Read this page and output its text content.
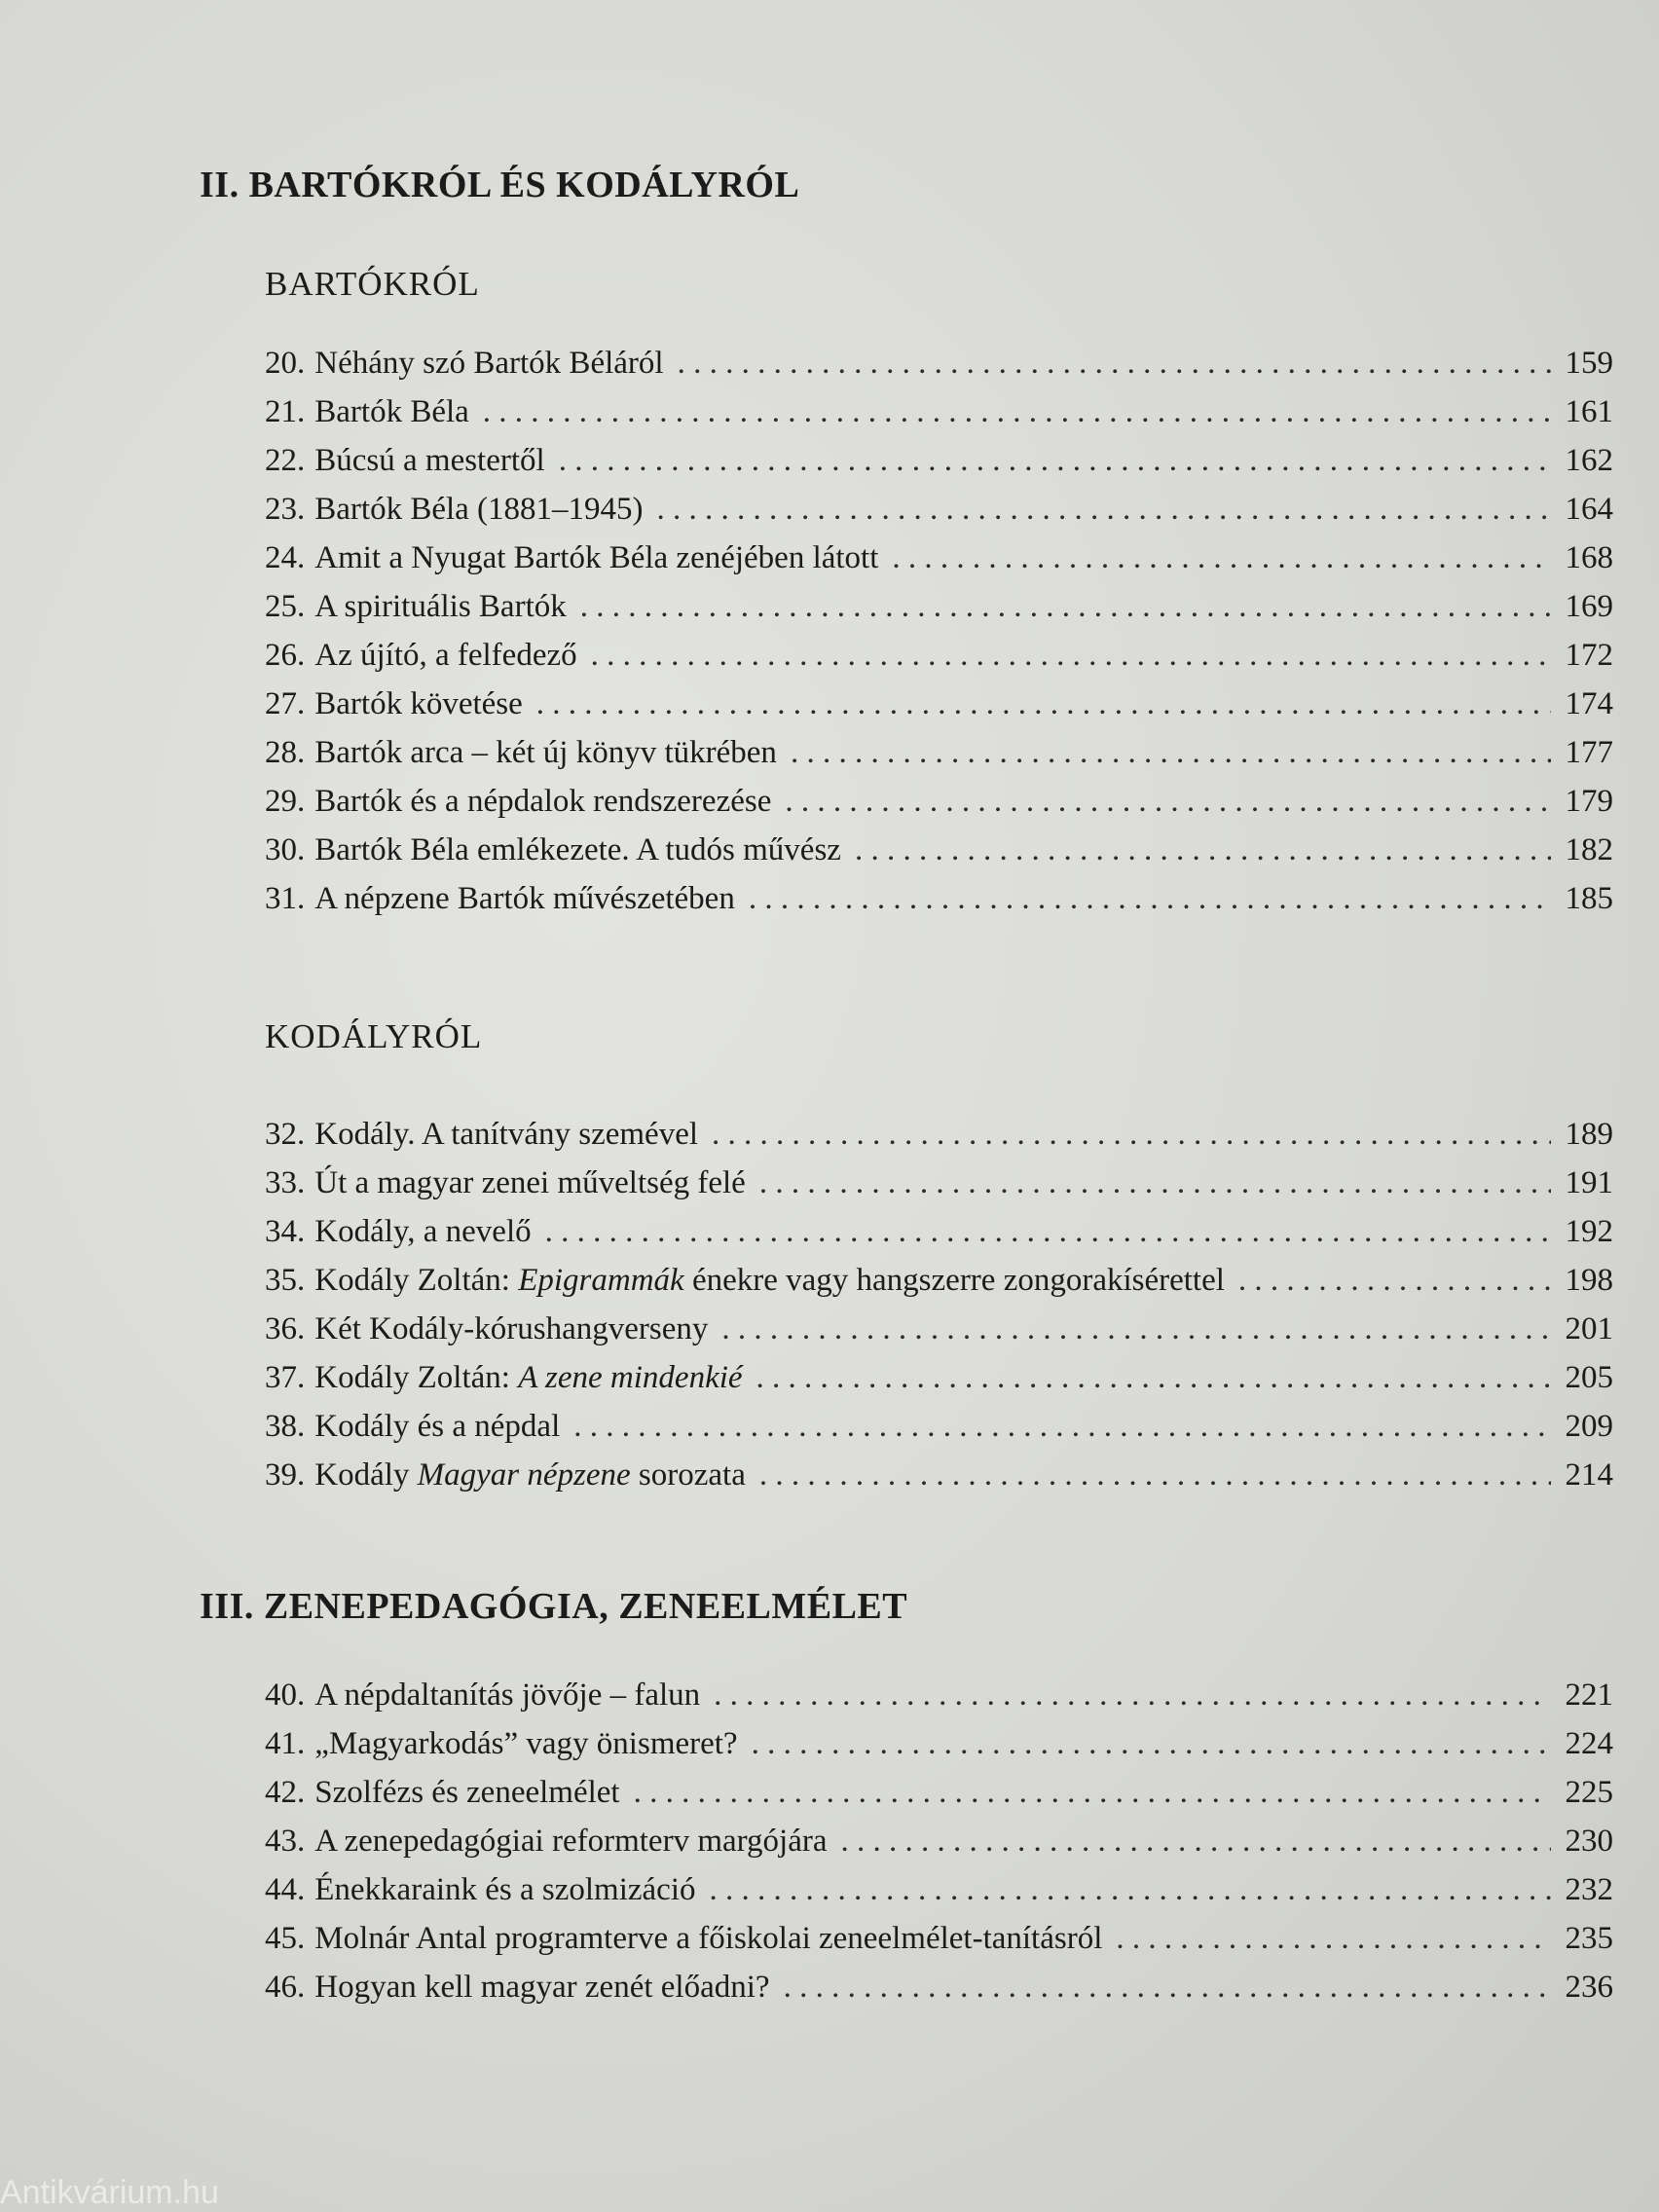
II. BARTÓKRÓL ÉS KODÁLYRÓL
BARTÓKRÓL
20. Néhány szó Bartók Béláról . . .	159
21. Bartók Béla . . .	161
22. Búcsú a mestertől . . .	162
23. Bartók Béla (1881–1945) . . .	164
24. Amit a Nyugat Bartók Béla zenéjében látott . . .	168
25. A spirituális Bartók . . .	169
26. Az újító, a felfedező . . .	172
27. Bartók követése . . .	174
28. Bartók arca – két új könyv tükrében . . .	177
29. Bartók és a népdalok rendszerezése . . .	179
30. Bartók Béla emlékezete. A tudós művész . . .	182
31. A népzene Bartók művészetében . . .	185
KODÁLYRÓL
32. Kodály. A tanítvány szemével . . .	189
33. Út a magyar zenei műveltség felé . . .	191
34. Kodály, a nevelő . . .	192
35. Kodály Zoltán: Epigrammák énekre vagy hangszerre zongorakísérettel . . .	198
36. Két Kodály-kórushangverseny . . .	201
37. Kodály Zoltán: A zene mindenkié . . .	205
38. Kodály és a népdal . . .	209
39. Kodály Magyar népzene sorozata . . .	214
III. ZENEPEDAGÓGIA, ZENEELMÉLET
40. A népdaltanítás jövője – falun . . .	221
41. „Magyarkodás” vagy önismeret? . . .	224
42. Szolfézs és zeneelmélet . . .	225
43. A zenepedagógiai reformterv margójára . . .	230
44. Énekkaraink és a szolmizáció . . .	232
45. Molnár Antal programterve a főiskolai zeneelmélet-tanításról . . .	235
46. Hogyan kell magyar zenét előadni? . . .	236
Antikvárium.hu
